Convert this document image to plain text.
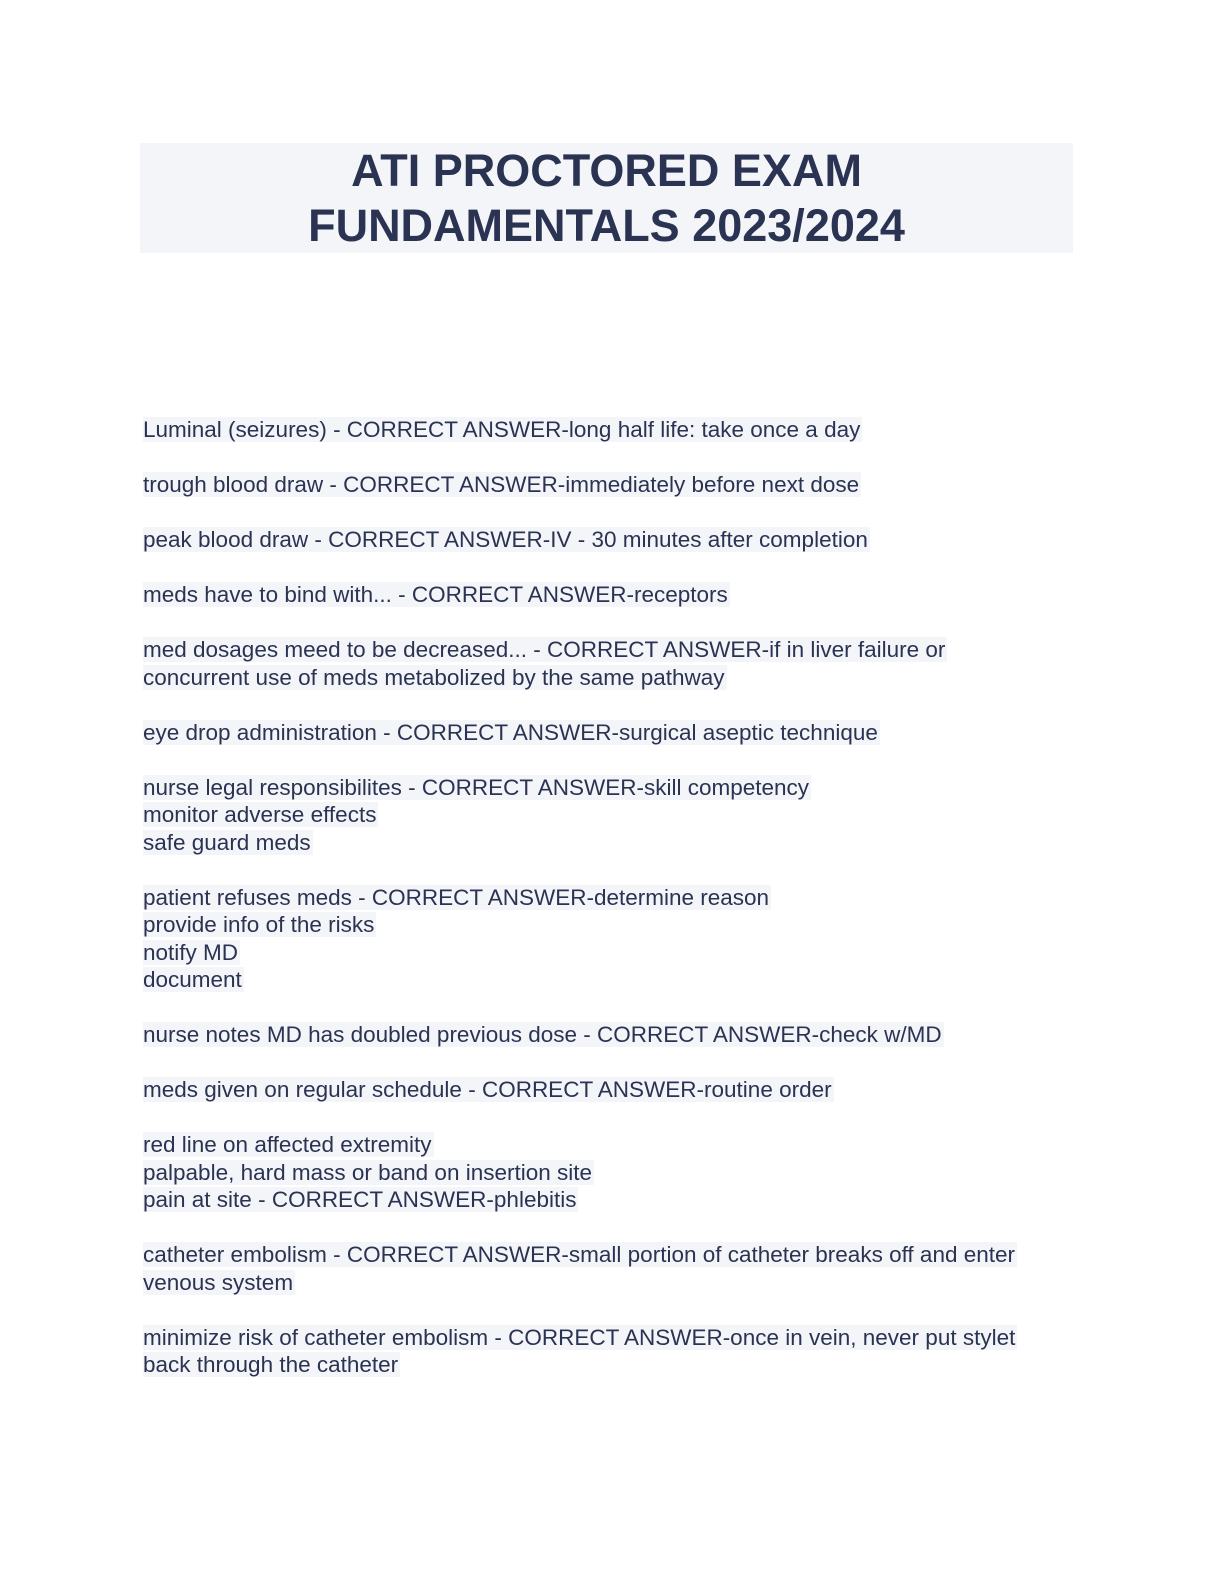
ATI PROCTORED EXAM
FUNDAMENTALS 2023/2024
Luminal (seizures) - CORRECT ANSWER-long half life: take once a day
trough blood draw - CORRECT ANSWER-immediately before next dose
peak blood draw - CORRECT ANSWER-IV - 30 minutes after completion
meds have to bind with... - CORRECT ANSWER-receptors
med dosages meed to be decreased... - CORRECT ANSWER-if in liver failure or
concurrent use of meds metabolized by the same pathway
eye drop administration - CORRECT ANSWER-surgical aseptic technique
nurse legal responsibilites - CORRECT ANSWER-skill competency
monitor adverse effects
safe guard meds
patient refuses meds - CORRECT ANSWER-determine reason
provide info of the risks
notify MD
document
nurse notes MD has doubled previous dose - CORRECT ANSWER-check w/MD
meds given on regular schedule - CORRECT ANSWER-routine order
red line on affected extremity
palpable, hard mass or band on insertion site
pain at site - CORRECT ANSWER-phlebitis
catheter embolism - CORRECT ANSWER-small portion of catheter breaks off and enter
venous system
minimize risk of catheter embolism - CORRECT ANSWER-once in vein, never put stylet
back through the catheter
